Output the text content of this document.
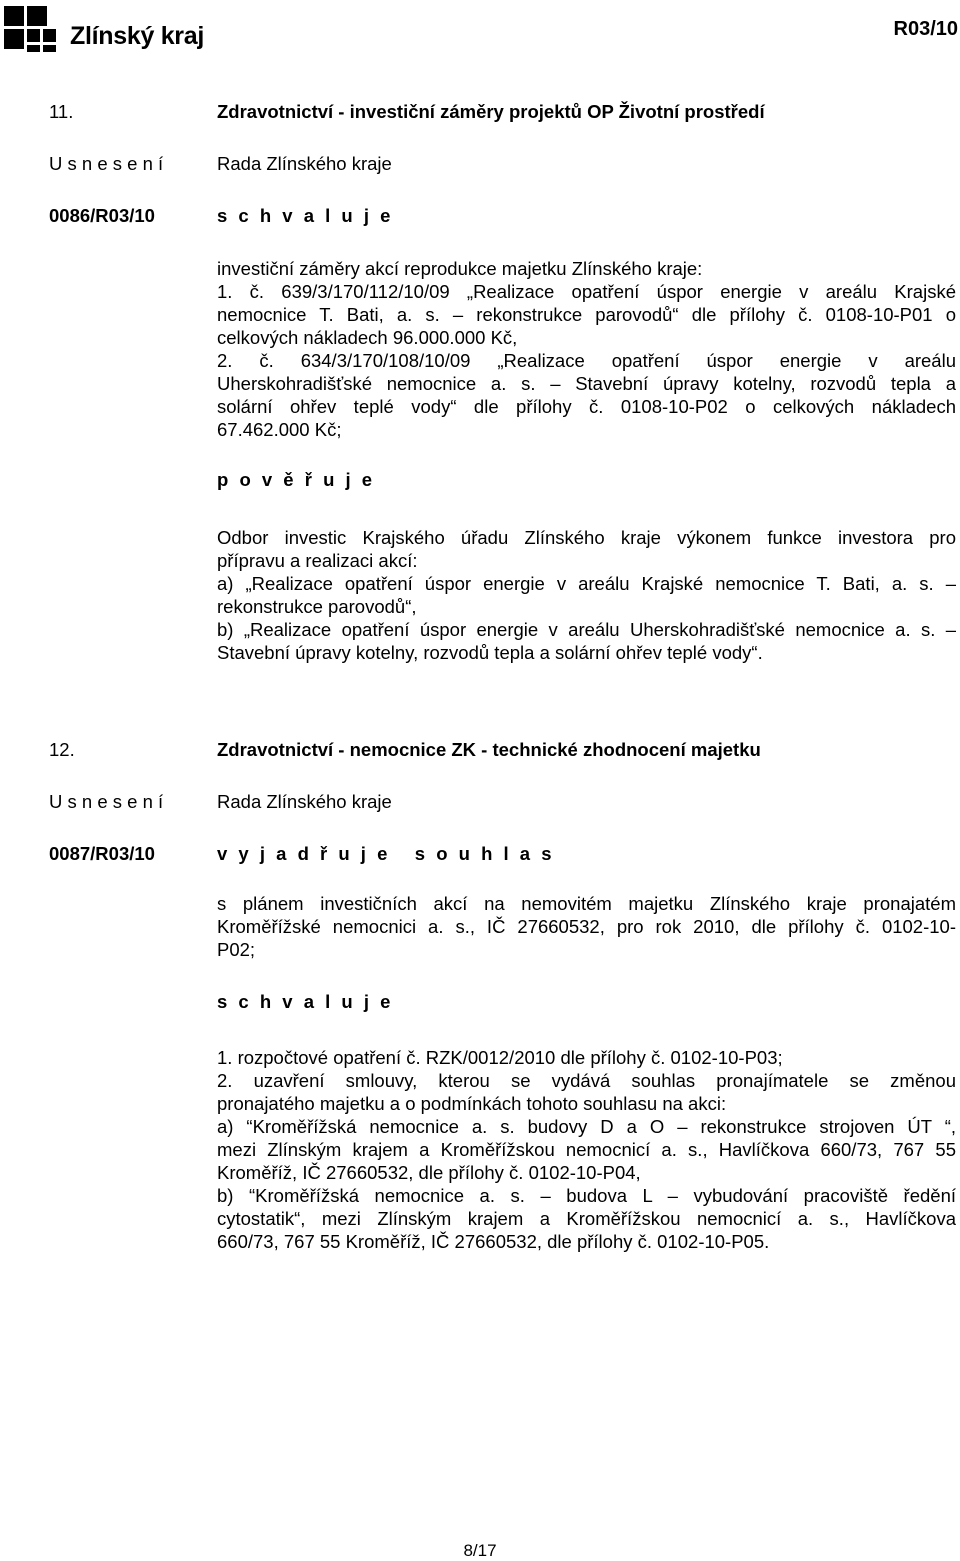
Zlínský kraj	R03/10
11.	Zdravotnictví - investiční záměry projektů OP Životní prostředí
U s n e s e n í	Rada Zlínského kraje
0086/R03/10	s c h v a l u j e
investiční záměry akcí reprodukce majetku Zlínského kraje:
1. č. 639/3/170/112/10/09 „Realizace opatření úspor energie v areálu Krajské
nemocnice T. Bati, a. s. – rekonstrukce parovodů“ dle přílohy č. 0108-10-P01 o
celkových nákladech 96.000.000 Kč,
2. č. 634/3/170/108/10/09 „Realizace opatření úspor energie v areálu
Uherskohradišťské nemocnice a. s. – Stavební úpravy kotelny, rozvodů tepla a
solární ohřev teplé vody“ dle přílohy č. 0108-10-P02 o celkových nákladech
67.462.000 Kč;
p o v ě ř u j e
Odbor investic Krajského úřadu Zlínského kraje výkonem funkce investora pro
přípravu a realizaci akcí:
a) „Realizace opatření úspor energie v areálu Krajské nemocnice T. Bati, a. s. –
rekonstrukce parovodů“,
b) „Realizace opatření úspor energie v areálu Uherskohradišťské nemocnice a. s. –
Stavební úpravy kotelny, rozvodů tepla a solární ohřev teplé vody“.
12.	Zdravotnictví - nemocnice ZK - technické zhodnocení majetku
U s n e s e n í	Rada Zlínského kraje
0087/R03/10	v y j a d ř u j e   s o u h l a s
s plánem investičních akcí na nemovitém majetku Zlínského kraje pronajatém
Kroměřížské nemocnici a. s., IČ 27660532, pro rok 2010, dle přílohy č. 0102-10-
P02;
s c h v a l u j e
1. rozpočtové opatření č. RZK/0012/2010 dle přílohy č. 0102-10-P03;
2. uzavření smlouvy, kterou se vydává souhlas pronajímatele se změnou
pronajatého majetku a o podmínkách tohoto souhlasu na akci:
a) “Kroměřížská nemocnice a. s. budovy D a O – rekonstrukce strojoven ÚT “,
mezi Zlínským krajem a Kroměřížskou nemocnicí a. s., Havlíčkova 660/73, 767 55
Kroměříž, IČ 27660532, dle přílohy č. 0102-10-P04,
b) “Kroměřížská nemocnice a. s. – budova L – vybudování pracoviště ředění
cytostatik“, mezi Zlínským krajem a Kroměřížskou nemocnicí a. s., Havlíčkova
660/73, 767 55 Kroměříž, IČ 27660532, dle přílohy č. 0102-10-P05.
8/17
